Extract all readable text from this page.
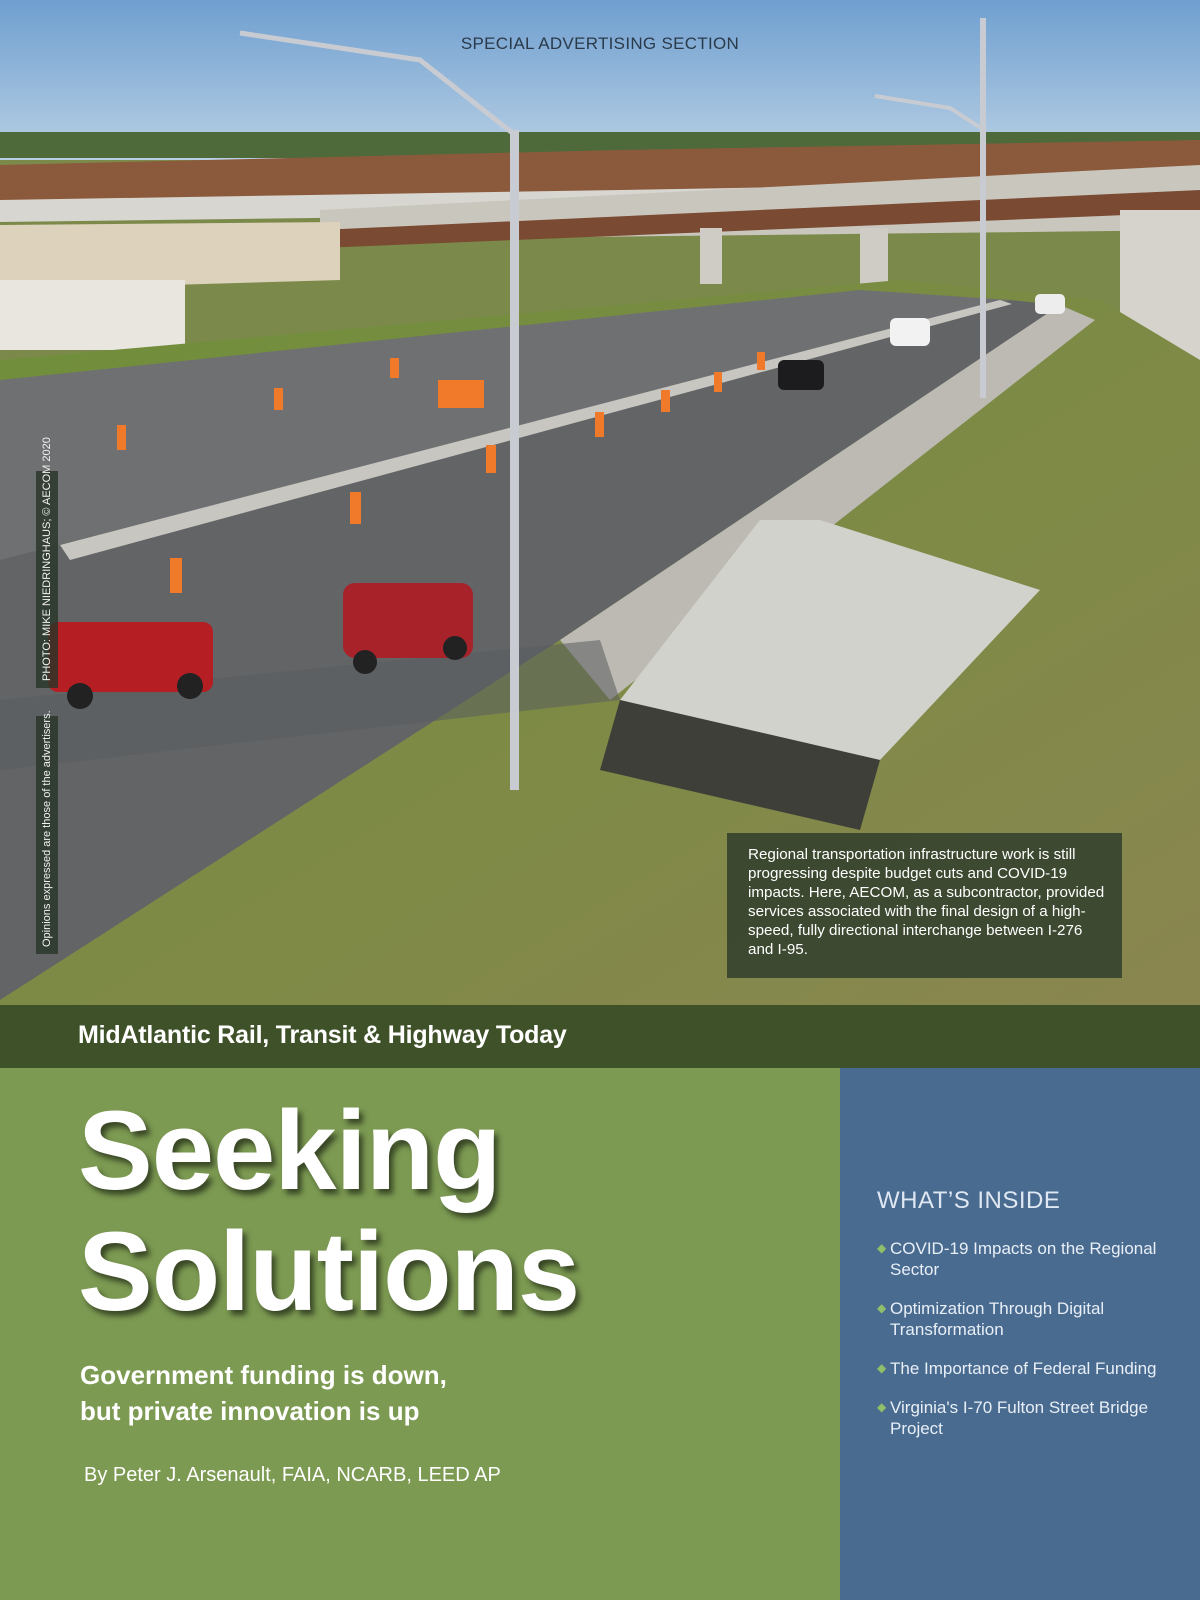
SPECIAL ADVERTISING SECTION
PHOTO: MIKE NIEDRINGHAUS; © AECOM 2020
Opinions expressed are those of the advertisers.	Regional transportation infrastructure work is still progressing despite budget cuts and COVID-19 impacts. Here, AECOM, as a subcontractor, provided services associated with the final design of a high-speed, fully directional interchange between I-276 and I-95.
MidAtlantic Rail, Transit & Highway Today
Seeking
Solutions
Government funding is down,
but private innovation is up
By Peter J. Arsenault, FAIA, NCARB, LEED AP
WHAT’S INSIDE
◆ COVID-19 Impacts on the Regional Sector
◆ Optimization Through Digital Transformation
◆ The Importance of Federal Funding
◆ Virginia's I-70 Fulton Street Bridge Project
